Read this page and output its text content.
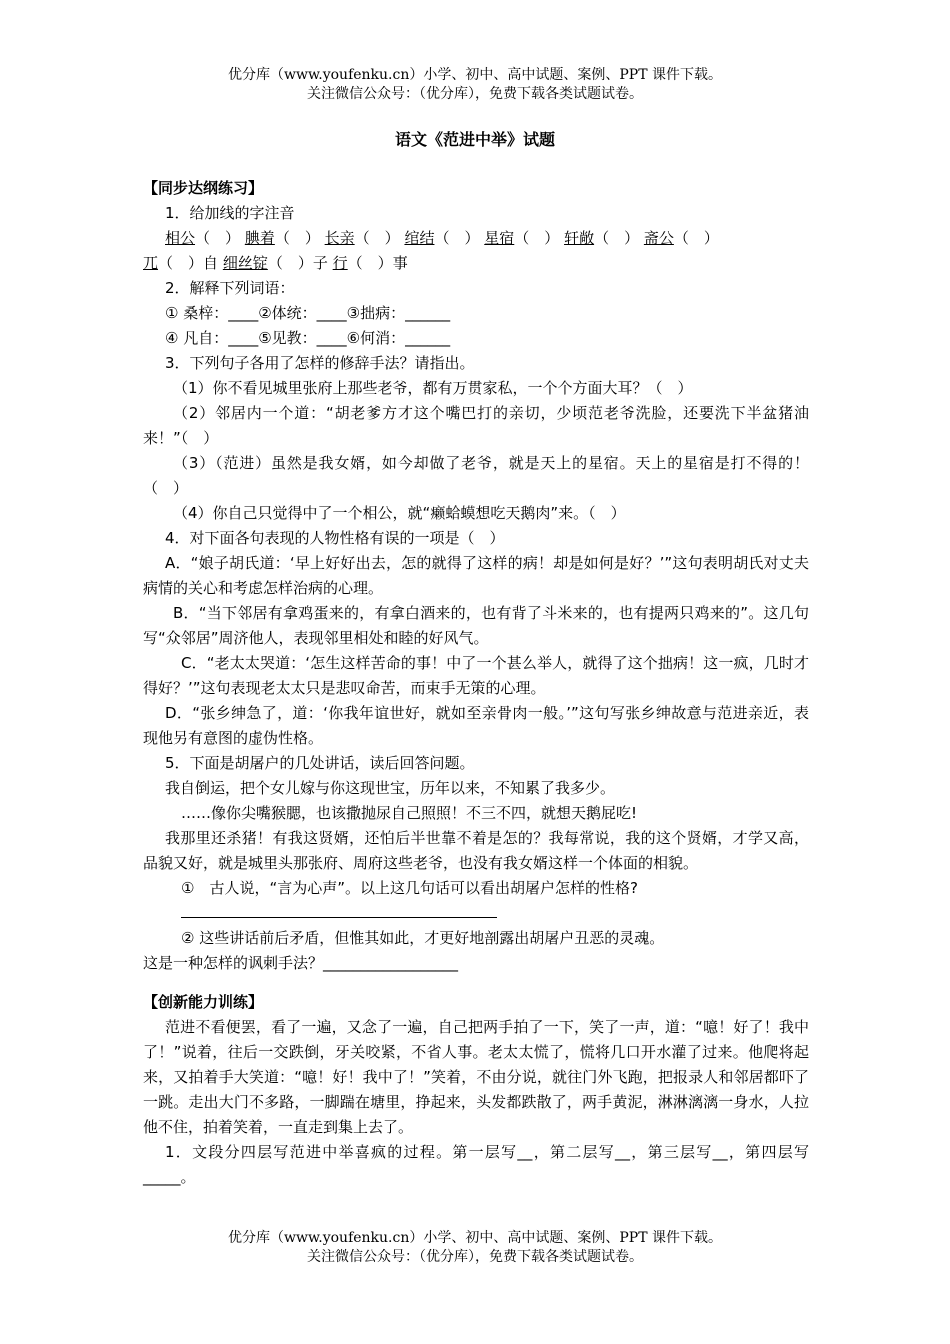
优分库（www.youfenku.cn）小学、初中、高中试题、案例、PPT 课件下载。
关注微信公众号：（优分库），免费下载各类试题试卷。
语文《范进中举》试题

【同步达纲练习】

1．给加线的字注音

相公（　） 腆着（　） 长亲（　） 绾结（　） 星宿（　） 轩敞（　） 斋公（　）

兀（　）自 细丝锭（　）子 行（　）事

2．解释下列词语：

① 桑梓：____②体统：____③拙病：______

④ 凡自：____⑤见教：____⑥何消：______

3．下列句子各用了怎样的修辞手法？请指出。

（1）你不看见城里张府上那些老爷，都有万贯家私，一个个方面大耳？（　）

（2）邻居内一个道：“胡老爹方才这个嘴巴打的亲切，少顷范老爷洗脸，还要洗下半盆猪油来！”（　）

（3）（范进）虽然是我女婿，如今却做了老爷，就是天上的星宿。天上的星宿是打不得的！（　）

（4）你自己只觉得中了一个相公，就“癞蛤蟆想吃天鹅肉”来。（　）

4．对下面各句表现的人物性格有误的一项是（　）

A．“娘子胡氏道：‘早上好好出去，怎的就得了这样的病！却是如何是好？’”这句表明胡氏对丈夫病情的关心和考虑怎样治病的心理。

B．“当下邻居有拿鸡蛋来的，有拿白酒来的，也有背了斗米来的，也有提两只鸡来的”。这几句写“众邻居”周济他人，表现邻里相处和睦的好风气。

C．“老太太哭道：‘怎生这样苦命的事！中了一个甚么举人，就得了这个拙病！这一疯，几时才得好？’”这句表现老太太只是悲叹命苦，而束手无策的心理。

D．“张乡绅急了，道：‘你我年谊世好，就如至亲骨肉一般。’”这句写张乡绅故意与范进亲近，表现他另有意图的虚伪性格。

5．下面是胡屠户的几处讲话，读后回答问题。

我自倒运，把个女儿嫁与你这现世宝，历年以来，不知累了我多少。

……像你尖嘴猴腮，也该撒抛尿自己照照！不三不四，就想天鹅屁吃!

我那里还杀猪！有我这贤婿，还怕后半世靠不着是怎的？我每常说，我的这个贤婿，才学又高，品貌又好，就是城里头那张府、周府这些老爷，也没有我女婿这样一个体面的相貌。

①　古人说，“言为心声”。以上这几句话可以看出胡屠户怎样的性格?

② 这些讲话前后矛盾，但惟其如此，才更好地剖露出胡屠户丑恶的灵魂。

这是一种怎样的讽刺手法？__________________

【创新能力训练】

范进不看便罢，看了一遍，又念了一遍，自己把两手拍了一下，笑了一声，道：“噫！好了！我中了！”说着，往后一交跌倒，牙关咬紧，不省人事。老太太慌了，慌将几口开水灌了过来。他爬将起来，又拍着手大笑道：“噫！好！我中了！”笑着，不由分说，就往门外飞跑，把报录人和邻居都吓了一跳。走出大门不多路，一脚踹在塘里，挣起来，头发都跌散了，两手黄泥，淋淋漓漓一身水，人拉他不住，拍着笑着，一直走到集上去了。

1．文段分四层写范进中举喜疯的过程。第一层写__，第二层写__，第三层写__，第四层写_____。

优分库（www.youfenku.cn）小学、初中、高中试题、案例、PPT 课件下载。
关注微信公众号：（优分库），免费下载各类试题试卷。
